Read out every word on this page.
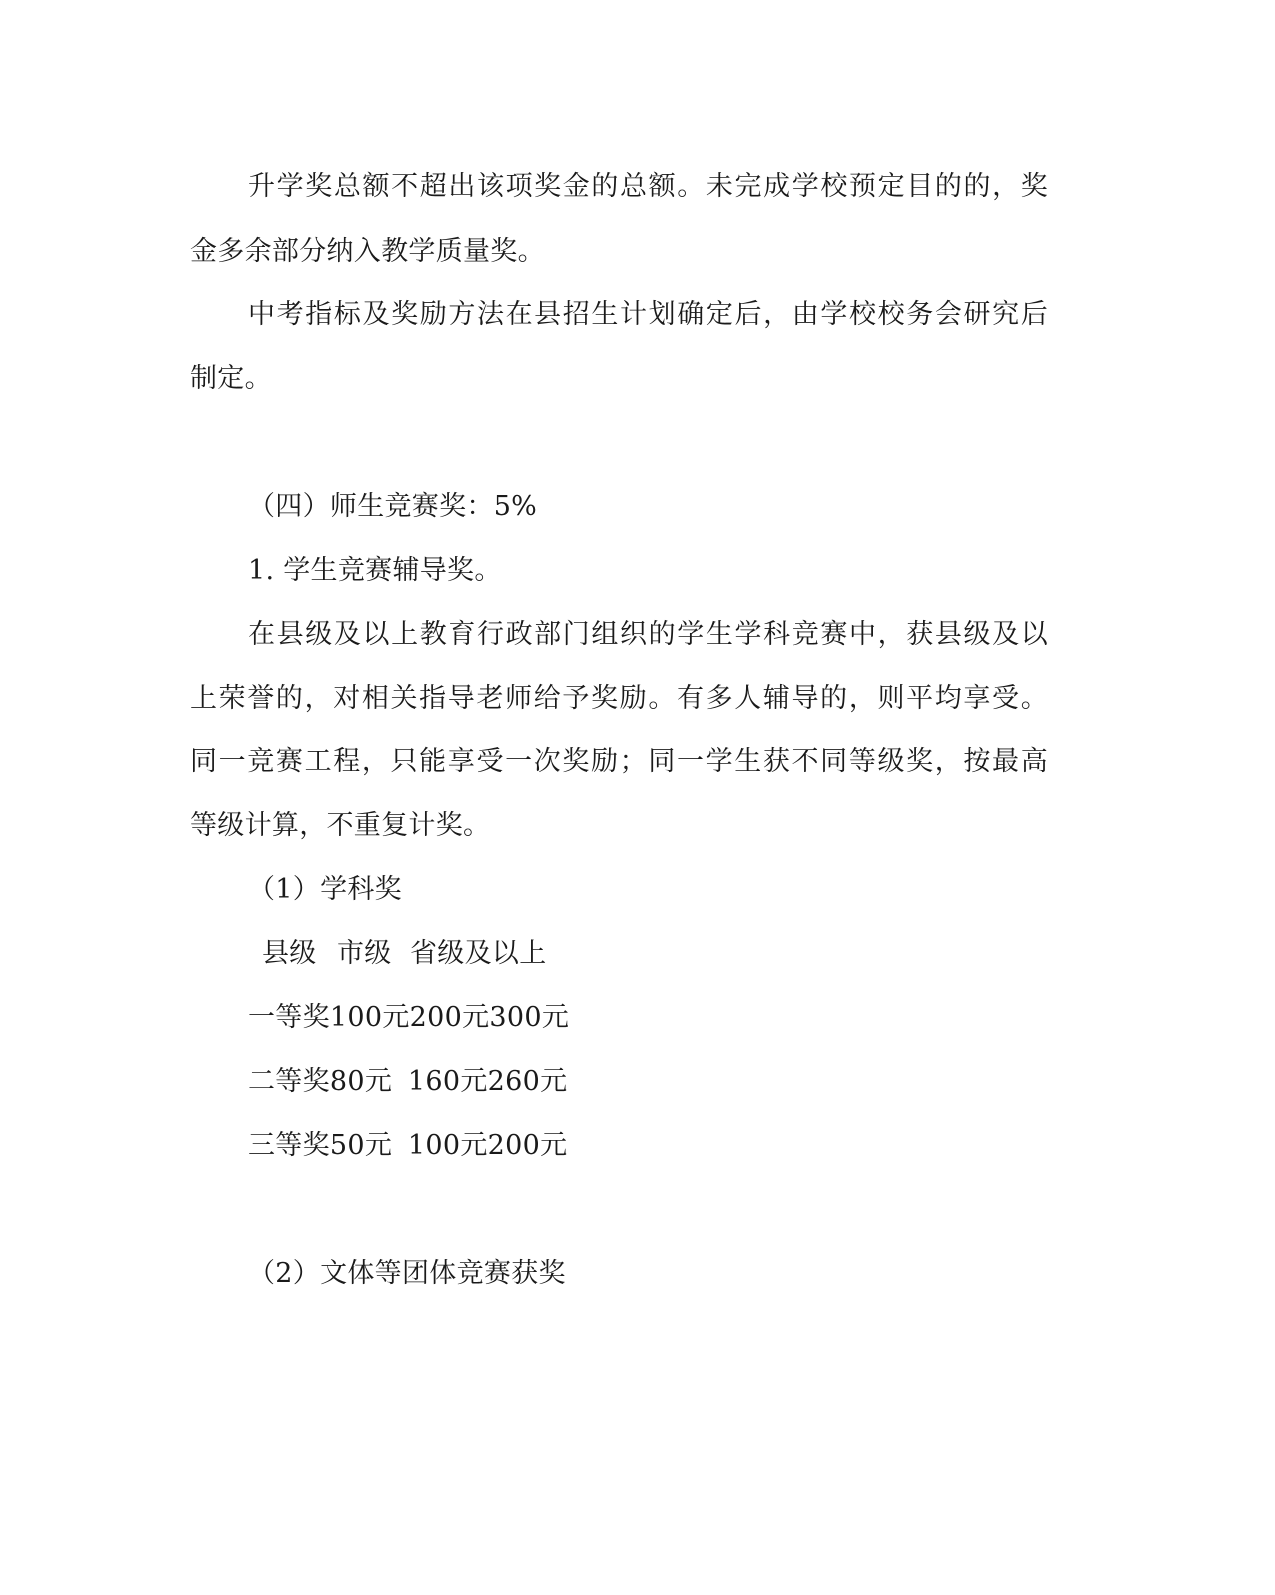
升学奖总额不超出该项奖金的总额。未完成学校预定目的的，奖
金多余部分纳入教学质量奖。
中考指标及奖励方法在县招生计划确定后，由学校校务会研究后
制定。
（四）师生竞赛奖：5%
1. 学生竞赛辅导奖。
在县级及以上教育行政部门组织的学生学科竞赛中，获县级及以
上荣誉的，对相关指导老师给予奖励。有多人辅导的，则平均享受。
同一竞赛工程，只能享受一次奖励；同一学生获不同等级奖，按最高
等级计算，不重复计奖。
（1）学科奖
县级 市级 省级及以上
一等奖100元200元300元
二等奖80元 160元260元
三等奖50元 100元200元
（2）文体等团体竞赛获奖
